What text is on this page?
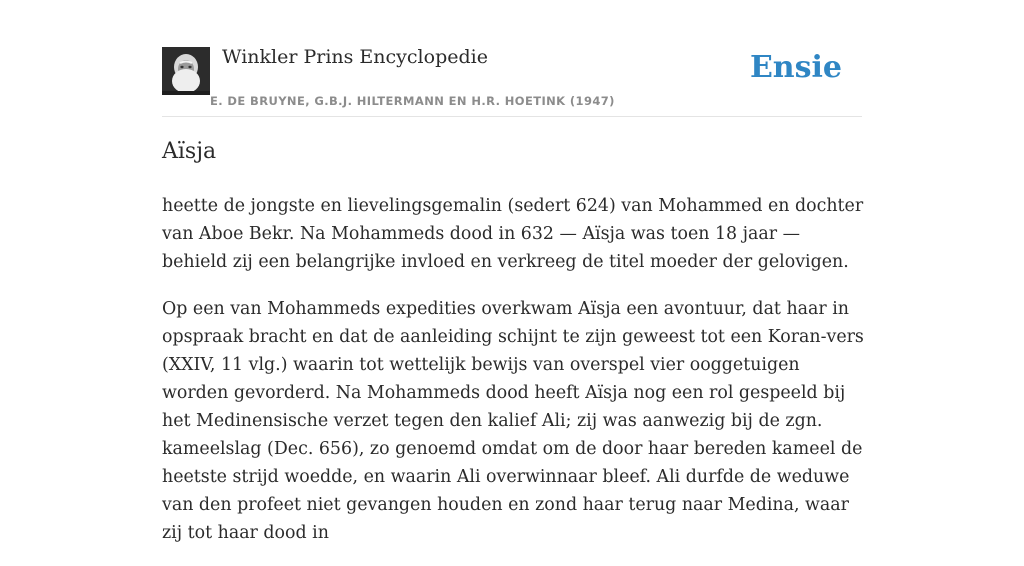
Winkler Prins Encyclopedie
E. DE BRUYNE, G.B.J. HILTERMANN EN H.R. HOETINK (1947)
Ensie
Aïsja

heette de jongste en lievelingsgemalin (sedert 624) van Mohammed en dochter van Aboe Bekr. Na Mohammeds dood in 632 — Aïsja was toen 18 jaar — behield zij een belangrijke invloed en verkreeg de titel moeder der gelovigen.

Op een van Mohammeds expedities overkwam Aïsja een avontuur, dat haar in opspraak bracht en dat de aanleiding schijnt te zijn geweest tot een Koran-vers (XXIV, 11 vlg.) waarin tot wettelijk bewijs van overspel vier ooggetuigen worden gevorderd. Na Mohammeds dood heeft Aïsja nog een rol gespeeld bij het Medinensische verzet tegen den kalief Ali; zij was aanwezig bij de zgn. kameelslag (Dec. 656), zo genoemd omdat om de door haar bereden kameel de heetste strijd woedde, en waarin Ali overwinnaar bleef. Ali durfde de weduwe van den profeet niet gevangen houden en zond haar terug naar Medina, waar zij tot haar dood in
